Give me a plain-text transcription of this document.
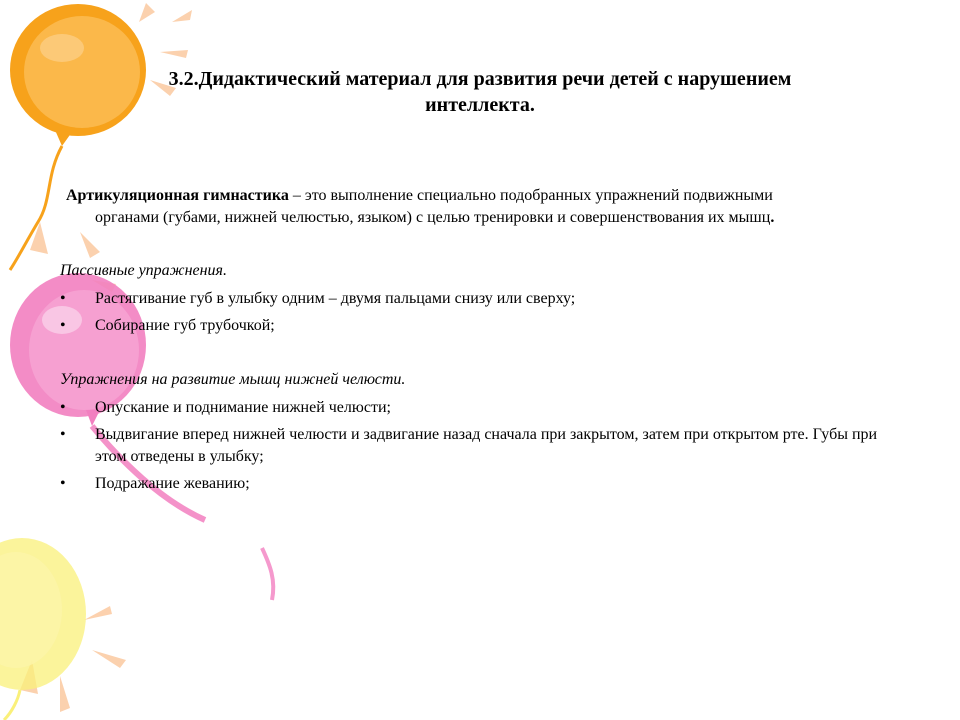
3.2.Дидактический материал для развития речи детей с нарушением
интеллекта.

Артикуляционная гимнастика – это выполнение специально подобранных упражнений подвижными
органами (губами, нижней челюстью, языком) с целью тренировки и совершенствования их мышц.

Пассивные упражнения.

• Растягивание губ в улыбку одним – двумя пальцами снизу или сверху;
• Собирание губ трубочкой;

Упражнения на развитие мышц нижней челюсти.

• Опускание и поднимание нижней челюсти;
• Выдвигание вперед нижней челюсти и задвигание назад сначала при закрытом, затем при открытом рте. Губы при этом отведены в улыбку;
• Подражание жеванию;
